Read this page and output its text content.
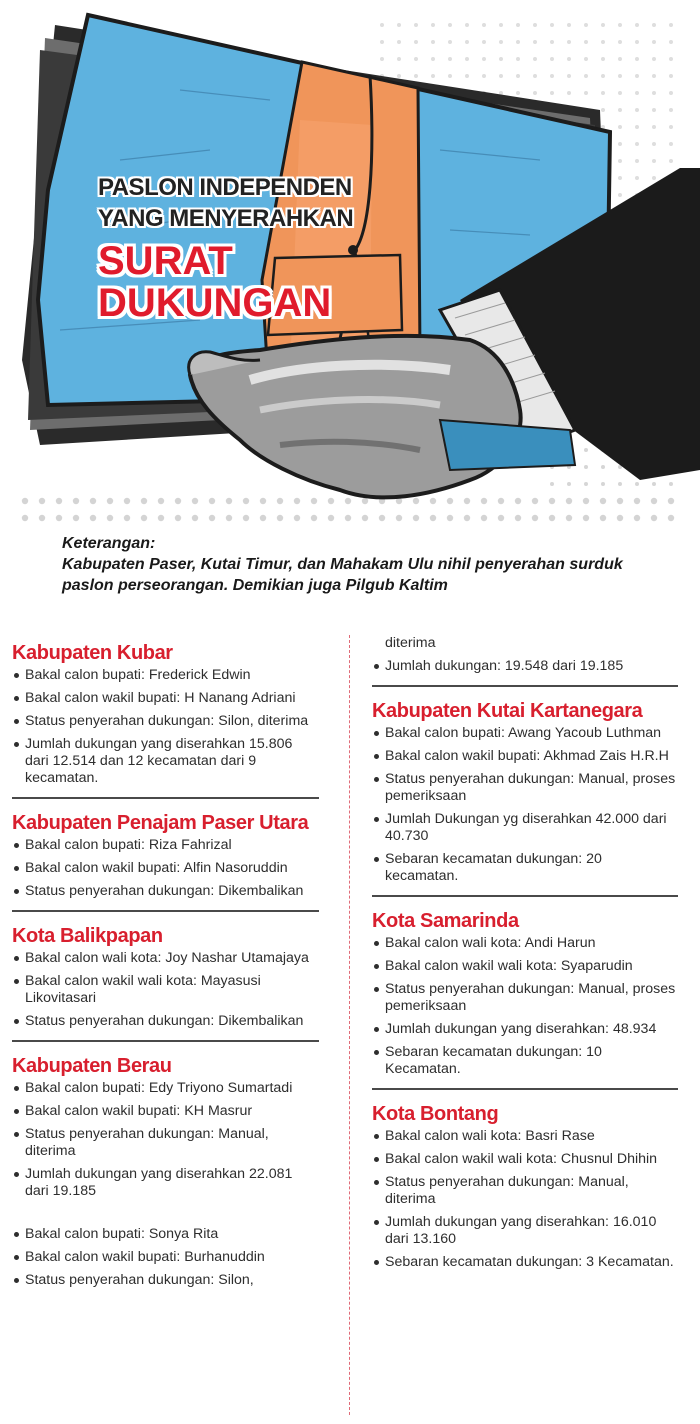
PASLON INDEPENDEN
YANG MENYERAHKAN
SURAT
DUKUNGAN
Keterangan:
Kabupaten Paser, Kutai Timur, dan Mahakam Ulu nihil penyerahan surduk paslon perseorangan. Demikian juga Pilgub Kaltim
Kabupaten Kubar
Bakal calon bupati: Frederick Edwin
Bakal calon wakil bupati: H Nanang Adriani
Status penyerahan dukungan: Silon, diterima
Jumlah dukungan yang diserahkan 15.806 dari 12.514 dan 12 kecamatan dari 9 kecamatan.
Kabupaten Penajam Paser Utara
Bakal calon bupati: Riza Fahrizal
Bakal calon wakil bupati: Alfin Nasoruddin
Status penyerahan dukungan: Dikembalikan
Kota Balikpapan
Bakal calon wali kota: Joy Nashar Utamajaya
Bakal calon wakil wali kota: Mayasusi Likovitasari
Status penyerahan dukungan: Dikembalikan
Kabupaten Berau
Bakal calon bupati: Edy Triyono Sumartadi
Bakal calon wakil bupati: KH Masrur
Status penyerahan dukungan: Manual, diterima
Jumlah dukungan yang diserahkan 22.081 dari 19.185
Bakal calon bupati: Sonya Rita
Bakal calon wakil bupati: Burhanuddin
Status penyerahan dukungan: Silon,
diterima
Jumlah dukungan: 19.548 dari 19.185
Kabupaten Kutai Kartanegara
Bakal calon bupati: Awang Yacoub Luthman
Bakal calon wakil bupati: Akhmad Zais H.R.H
Status penyerahan dukungan: Manual, proses pemeriksaan
Jumlah Dukungan yg diserahkan 42.000 dari 40.730
Sebaran kecamatan dukungan: 20 kecamatan.
Kota Samarinda
Bakal calon wali kota: Andi Harun
Bakal calon wakil wali kota: Syaparudin
Status penyerahan dukungan: Manual, proses pemeriksaan
Jumlah dukungan yang diserahkan: 48.934
Sebaran kecamatan dukungan: 10 Kecamatan.
Kota Bontang
Bakal calon wali kota: Basri Rase
Bakal calon wakil wali kota: Chusnul Dhihin
Status penyerahan dukungan: Manual, diterima
Jumlah dukungan yang diserahkan: 16.010 dari 13.160
Sebaran kecamatan dukungan: 3 Kecamatan.
